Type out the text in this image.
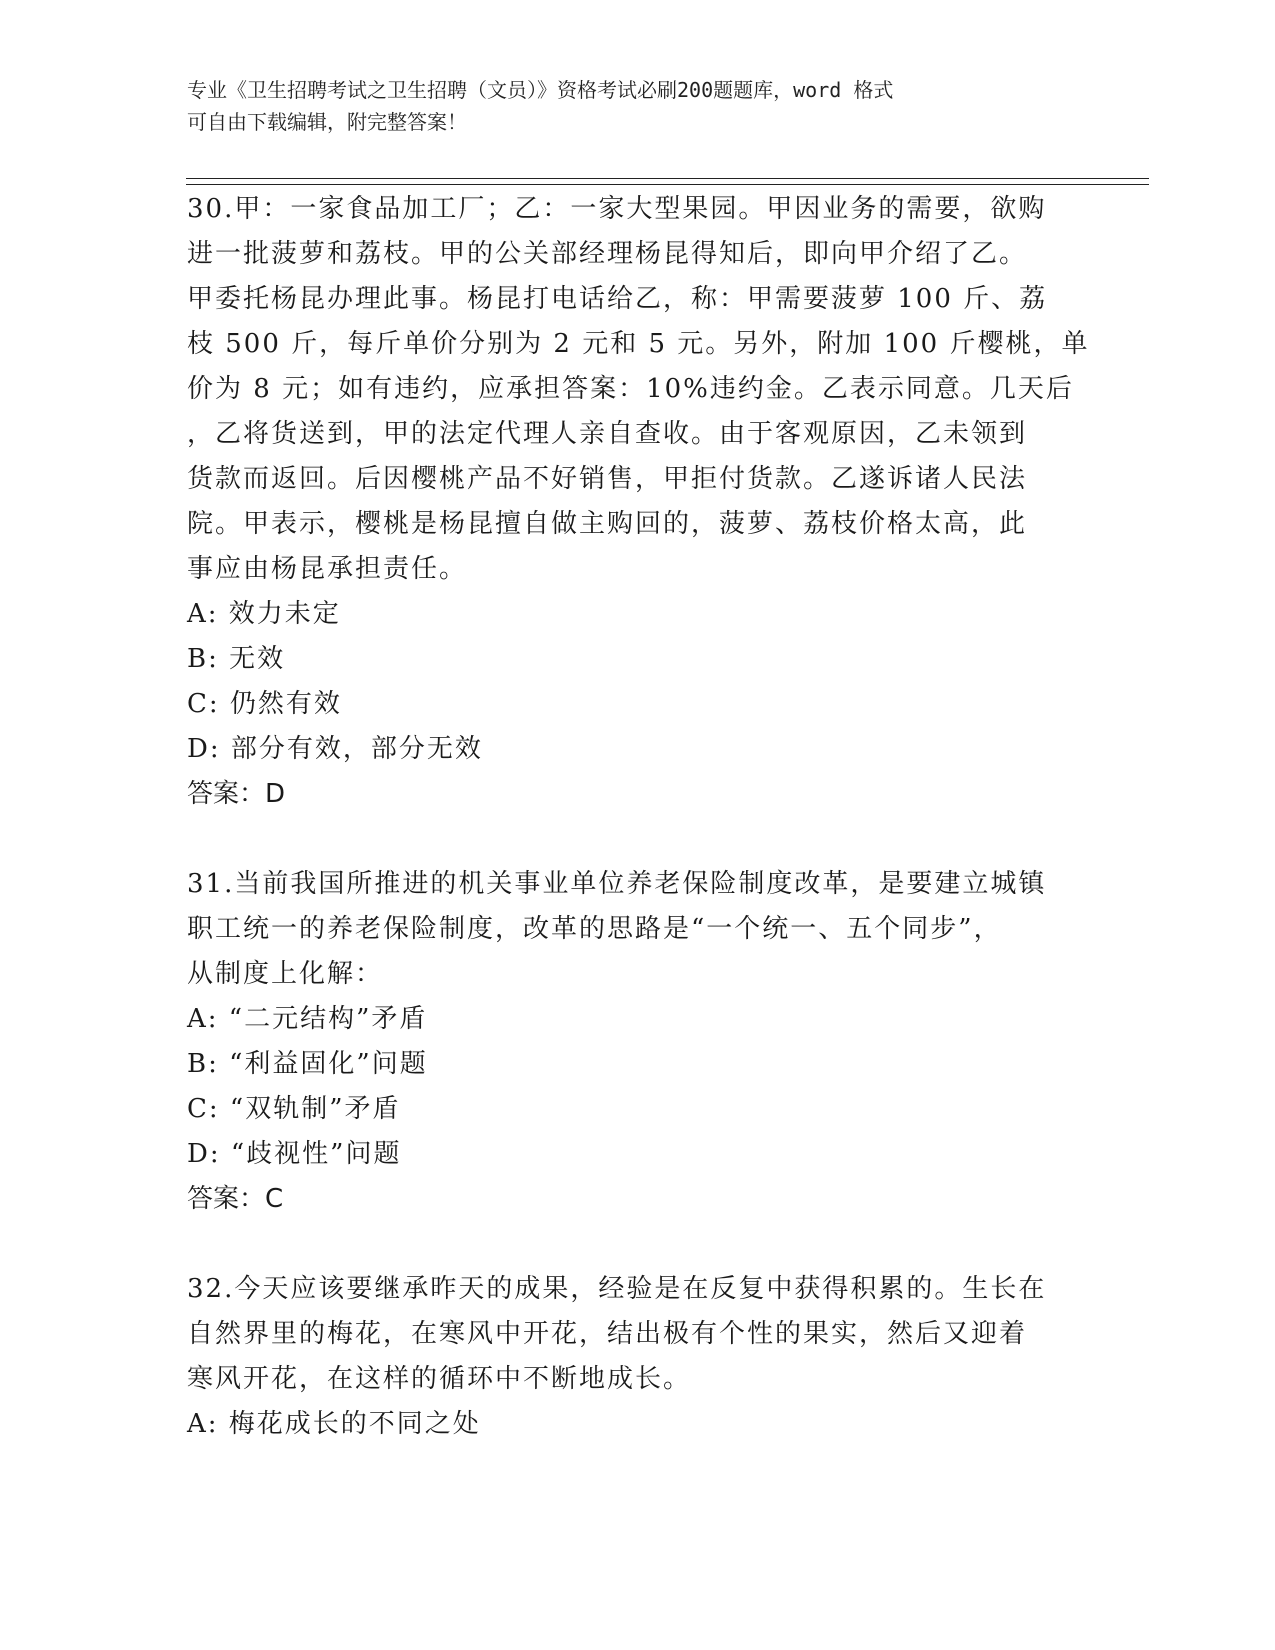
专业《卫生招聘考试之卫生招聘（文员）》资格考试必刷200题题库，word 格式
可自由下载编辑，附完整答案！
30.甲：一家食品加工厂；乙：一家大型果园。甲因业务的需要，欲购
进一批菠萝和荔枝。甲的公关部经理杨昆得知后，即向甲介绍了乙。
甲委托杨昆办理此事。杨昆打电话给乙，称：甲需要菠萝 100 斤、荔
枝 500 斤，每斤单价分别为 2 元和 5 元。另外，附加 100 斤樱桃，单
价为 8 元；如有违约，应承担答案：10%违约金。乙表示同意。几天后
，乙将货送到，甲的法定代理人亲自查收。由于客观原因，乙未领到
货款而返回。后因樱桃产品不好销售，甲拒付货款。乙遂诉诸人民法
院。甲表示，樱桃是杨昆擅自做主购回的，菠萝、荔枝价格太高，此
事应由杨昆承担责任。
A: 效力未定
B: 无效
C: 仍然有效
D: 部分有效，部分无效
答案：D
31.当前我国所推进的机关事业单位养老保险制度改革，是要建立城镇
职工统一的养老保险制度，改革的思路是“一个统一、五个同步”，
从制度上化解：
A: “二元结构”矛盾
B: “利益固化”问题
C: “双轨制”矛盾
D: “歧视性”问题
答案：C
32.今天应该要继承昨天的成果，经验是在反复中获得积累的。生长在
自然界里的梅花，在寒风中开花，结出极有个性的果实，然后又迎着
寒风开花，在这样的循环中不断地成长。
A: 梅花成长的不同之处
